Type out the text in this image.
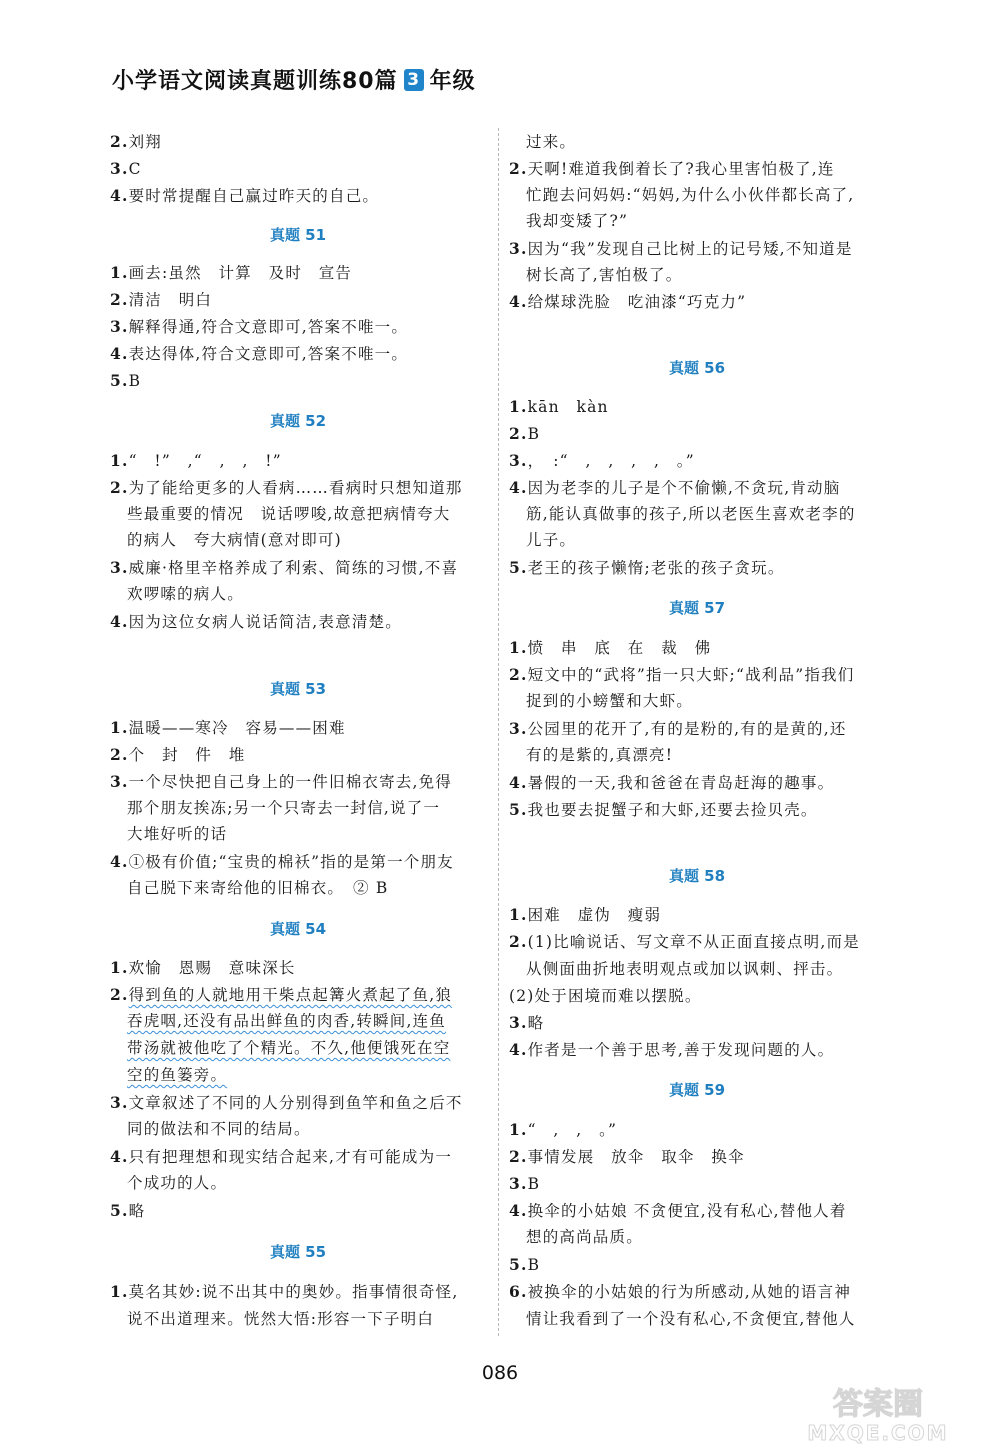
小学语文阅读真题训练80篇 3 年级
2.刘翔
3.C
4.要时常提醒自己赢过昨天的自己。
真题 51
1.画去:虽然　计算　及时　宣告
2.清洁　明白
3.解释得通,符合文意即可,答案不唯一。
4.表达得体,符合文意即可,答案不唯一。
5.B
真题 52
1.“　!”　,“　,　,　!”
2.为了能给更多的人看病……看病时只想知道那
些最重要的情况　说话啰唆,故意把病情夸大
的病人　夸大病情(意对即可)
3.威廉·格里辛格养成了利索、简练的习惯,不喜
欢啰嗦的病人。
4.因为这位女病人说话简洁,表意清楚。
真题 53
1.温暖——寒冷　容易——困难
2.个　封　件　堆
3.一个尽快把自己身上的一件旧棉衣寄去,免得
那个朋友挨冻;另一个只寄去一封信,说了一
大堆好听的话
4.①极有价值;“宝贵的棉袄”指的是第一个朋友
自己脱下来寄给他的旧棉衣。　② B
真题 54
1.欢愉　恩赐　意味深长
2.得到鱼的人就地用干柴点起篝火煮起了鱼,狼
吞虎咽,还没有品出鲜鱼的肉香,转瞬间,连鱼
带汤就被他吃了个精光。不久,他便饿死在空
空的鱼篓旁。
3.文章叙述了不同的人分别得到鱼竿和鱼之后不
同的做法和不同的结局。
4.只有把理想和现实结合起来,才有可能成为一
个成功的人。
5.略
真题 55
1.莫名其妙:说不出其中的奥妙。指事情很奇怪,
说不出道理来。恍然大悟:形容一下子明白
过来。
2.天啊!难道我倒着长了?我心里害怕极了,连
忙跑去问妈妈:“妈妈,为什么小伙伴都长高了,
我却变矮了?”
3.因为“我”发现自己比树上的记号矮,不知道是
树长高了,害怕极了。
4.给煤球洗脸　吃油漆“巧克力”
真题 56
1.kān　kàn
2.B
3.，　:“　,　,　,　,　。”
4.因为老李的儿子是个不偷懒,不贪玩,肯动脑
筋,能认真做事的孩子,所以老医生喜欢老李的
儿子。
5.老王的孩子懒惰;老张的孩子贪玩。
真题 57
1.愤　串　底　在　裁　佛
2.短文中的“武将”指一只大虾;“战利品”指我们
捉到的小螃蟹和大虾。
3.公园里的花开了,有的是粉的,有的是黄的,还
有的是紫的,真漂亮!
4.暑假的一天,我和爸爸在青岛赶海的趣事。
5.我也要去捉蟹子和大虾,还要去捡贝壳。
真题 58
1.困难　虚伪　瘦弱
2.(1)比喻说话、写文章不从正面直接点明,而是
从侧面曲折地表明观点或加以讽刺、抨击。
(2)处于困境而难以摆脱。
3.略
4.作者是一个善于思考,善于发现问题的人。
真题 59
1.“　,　,　。”
2.事情发展　放伞　取伞　换伞
3.B
4.换伞的小姑娘 不贪便宜,没有私心,替他人着
想的高尚品质。
5.B
6.被换伞的小姑娘的行为所感动,从她的语言神
情让我看到了一个没有私心,不贪便宜,替他人
086
答案圈
MXQE.COM
